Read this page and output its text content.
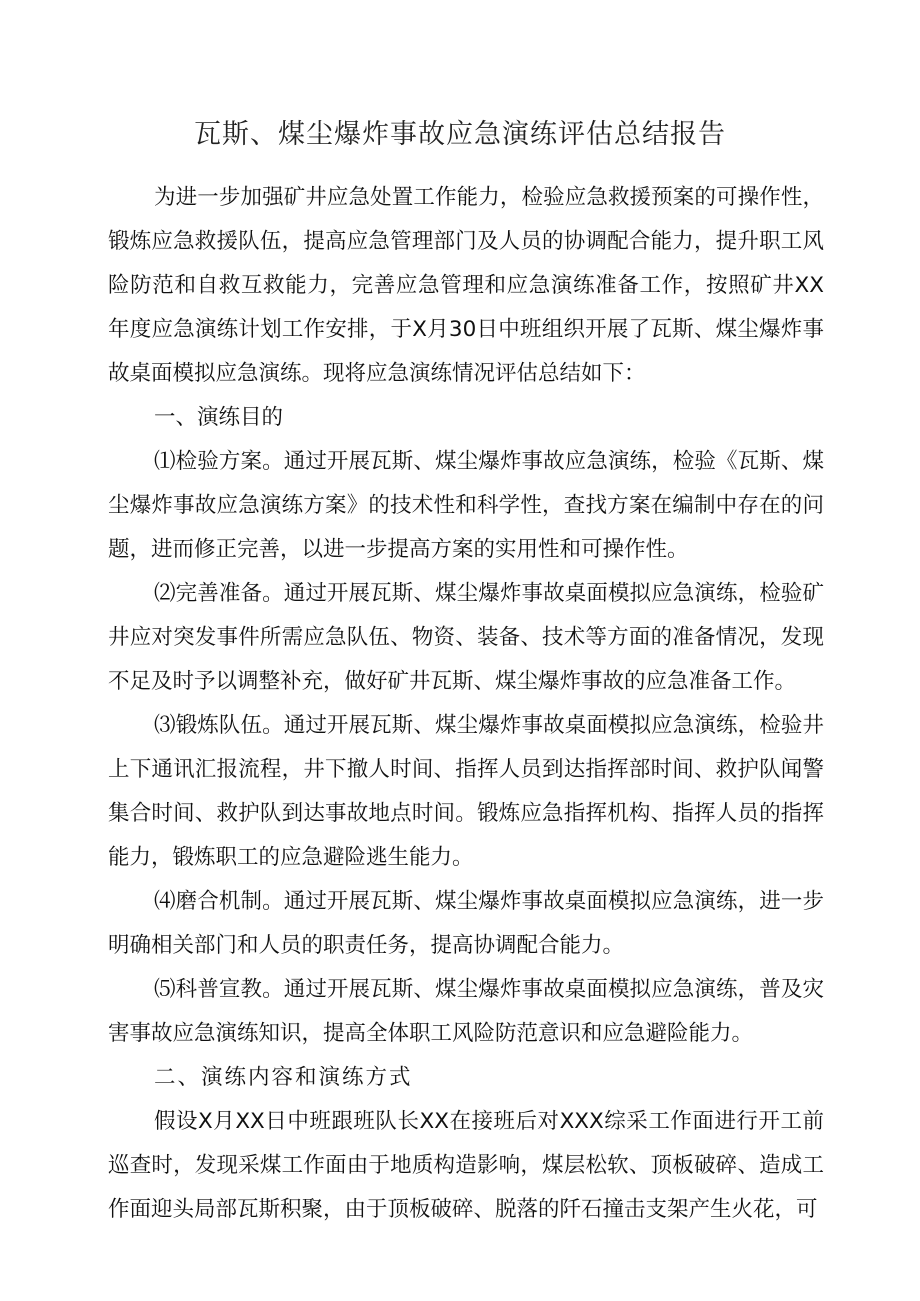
瓦斯、煤尘爆炸事故应急演练评估总结报告

为进一步加强矿井应急处置工作能力，检验应急救援预案的可操作性，锻炼应急救援队伍，提高应急管理部门及人员的协调配合能力，提升职工风险防范和自救互救能力，完善应急管理和应急演练准备工作，按照矿井XX年度应急演练计划工作安排，于X月30日中班组织开展了瓦斯、煤尘爆炸事故桌面模拟应急演练。现将应急演练情况评估总结如下：

一、演练目的

⑴检验方案。通过开展瓦斯、煤尘爆炸事故应急演练，检验《瓦斯、煤尘爆炸事故应急演练方案》的技术性和科学性，查找方案在编制中存在的问题，进而修正完善，以进一步提高方案的实用性和可操作性。

⑵完善准备。通过开展瓦斯、煤尘爆炸事故桌面模拟应急演练，检验矿井应对突发事件所需应急队伍、物资、装备、技术等方面的准备情况，发现不足及时予以调整补充，做好矿井瓦斯、煤尘爆炸事故的应急准备工作。

⑶锻炼队伍。通过开展瓦斯、煤尘爆炸事故桌面模拟应急演练，检验井上下通讯汇报流程，井下撤人时间、指挥人员到达指挥部时间、救护队闻警集合时间、救护队到达事故地点时间。锻炼应急指挥机构、指挥人员的指挥能力，锻炼职工的应急避险逃生能力。

⑷磨合机制。通过开展瓦斯、煤尘爆炸事故桌面模拟应急演练，进一步明确相关部门和人员的职责任务，提高协调配合能力。

⑸科普宣教。通过开展瓦斯、煤尘爆炸事故桌面模拟应急演练，普及灾害事故应急演练知识，提高全体职工风险防范意识和应急避险能力。

二、演练内容和演练方式

假设X月XX日中班跟班队长XX在接班后对XXX综采工作面进行开工前巡查时，发现采煤工作面由于地质构造影响，煤层松软、顶板破碎、造成工作面迎头局部瓦斯积聚，由于顶板破碎、脱落的阡石撞击支架产生火花，可
